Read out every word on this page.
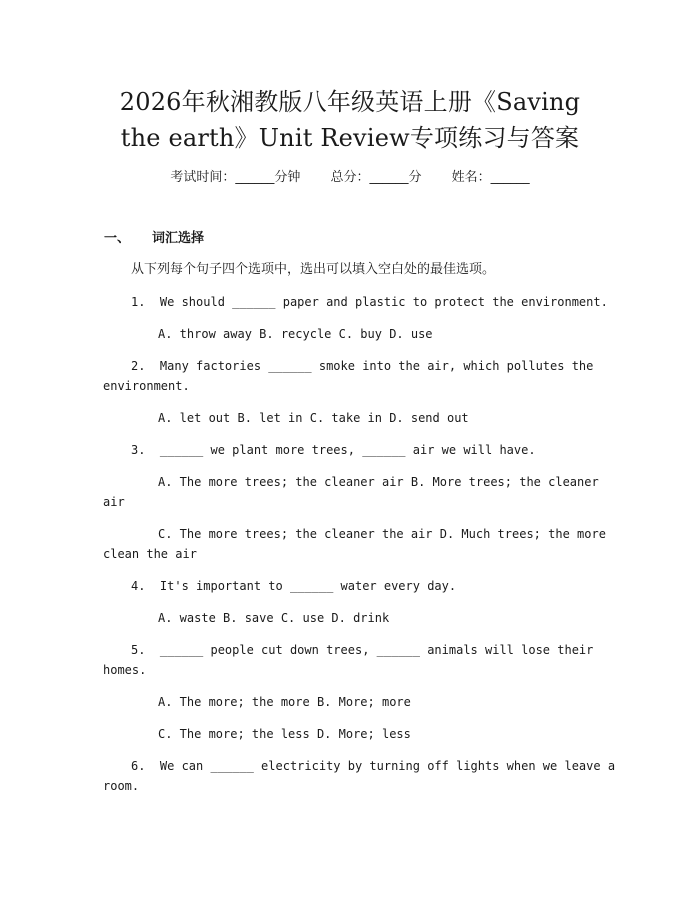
2026年秋湘教版八年级英语上册《Saving
the earth》Unit Review专项练习与答案
考试时间：______分钟 总分：______分 姓名：______
一、 词汇选择
从下列每个句子四个选项中，选出可以填入空白处的最佳选项。
1.  We should ______ paper and plastic to protect the environment.
A. throw away B. recycle C. buy D. use
2.  Many factories ______ smoke into the air, which pollutes the
environment.
A. let out B. let in C. take in D. send out
3.  ______ we plant more trees, ______ air we will have.
A. The more trees; the cleaner air B. More trees; the cleaner
air
C. The more trees; the cleaner the air D. Much trees; the more
clean the air
4.  It's important to ______ water every day.
A. waste B. save C. use D. drink
5.  ______ people cut down trees, ______ animals will lose their
homes.
A. The more; the more B. More; more
C. The more; the less D. More; less
6.  We can ______ electricity by turning off lights when we leave a
room.
